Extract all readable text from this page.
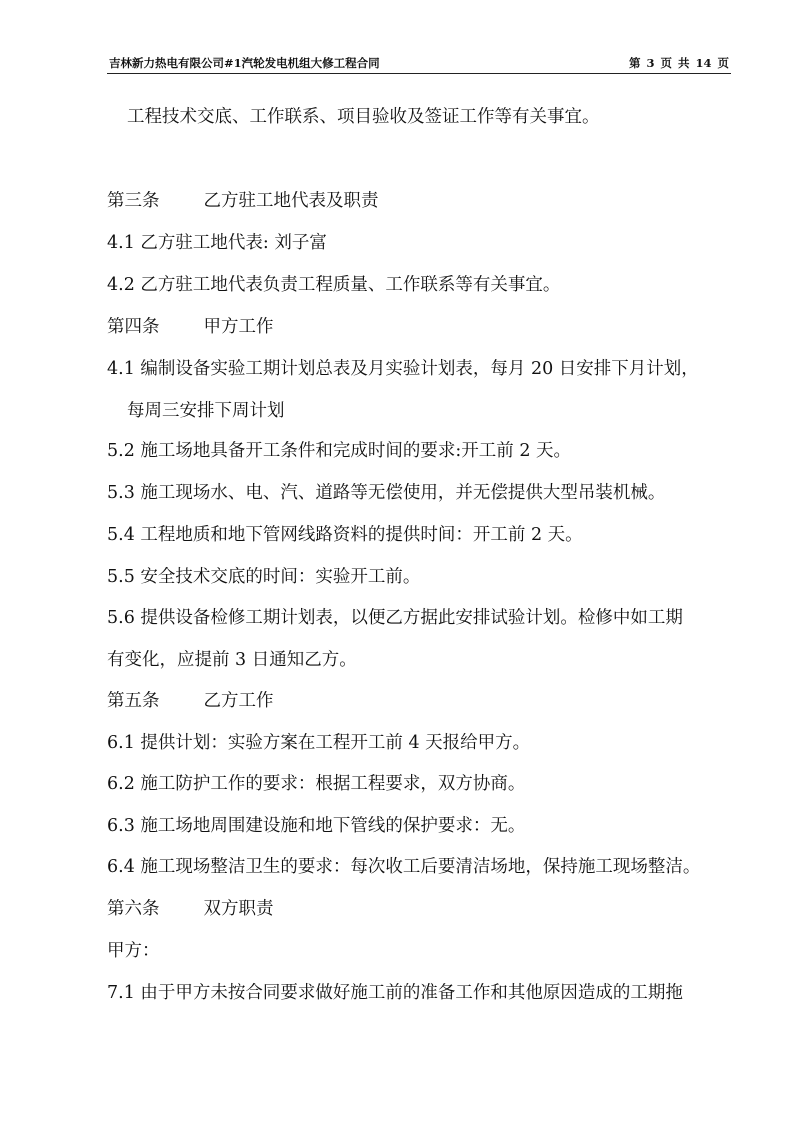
吉林新力热电有限公司#1汽轮发电机组大修工程合同	第 3 页 共 14 页
工程技术交底、工作联系、项目验收及签证工作等有关事宜。
第三条	乙方驻工地代表及职责
4.1 乙方驻工地代表: 刘子富
4.2 乙方驻工地代表负责工程质量、工作联系等有关事宜。
第四条	甲方工作
4.1 编制设备实验工期计划总表及月实验计划表，每月 20 日安排下月计划，
每周三安排下周计划
5.2 施工场地具备开工条件和完成时间的要求:开工前 2 天。
5.3 施工现场水、电、汽、道路等无偿使用，并无偿提供大型吊装机械。
5.4 工程地质和地下管网线路资料的提供时间：开工前 2 天。
5.5 安全技术交底的时间：实验开工前。
5.6 提供设备检修工期计划表，以便乙方据此安排试验计划。检修中如工期
有变化，应提前 3 日通知乙方。
第五条	乙方工作
6.1 提供计划：实验方案在工程开工前 4 天报给甲方。
6.2 施工防护工作的要求：根据工程要求，双方协商。
6.3 施工场地周围建设施和地下管线的保护要求：无。
6.4 施工现场整洁卫生的要求：每次收工后要清洁场地，保持施工现场整洁。
第六条	双方职责
甲方：
7.1 由于甲方未按合同要求做好施工前的准备工作和其他原因造成的工期拖
